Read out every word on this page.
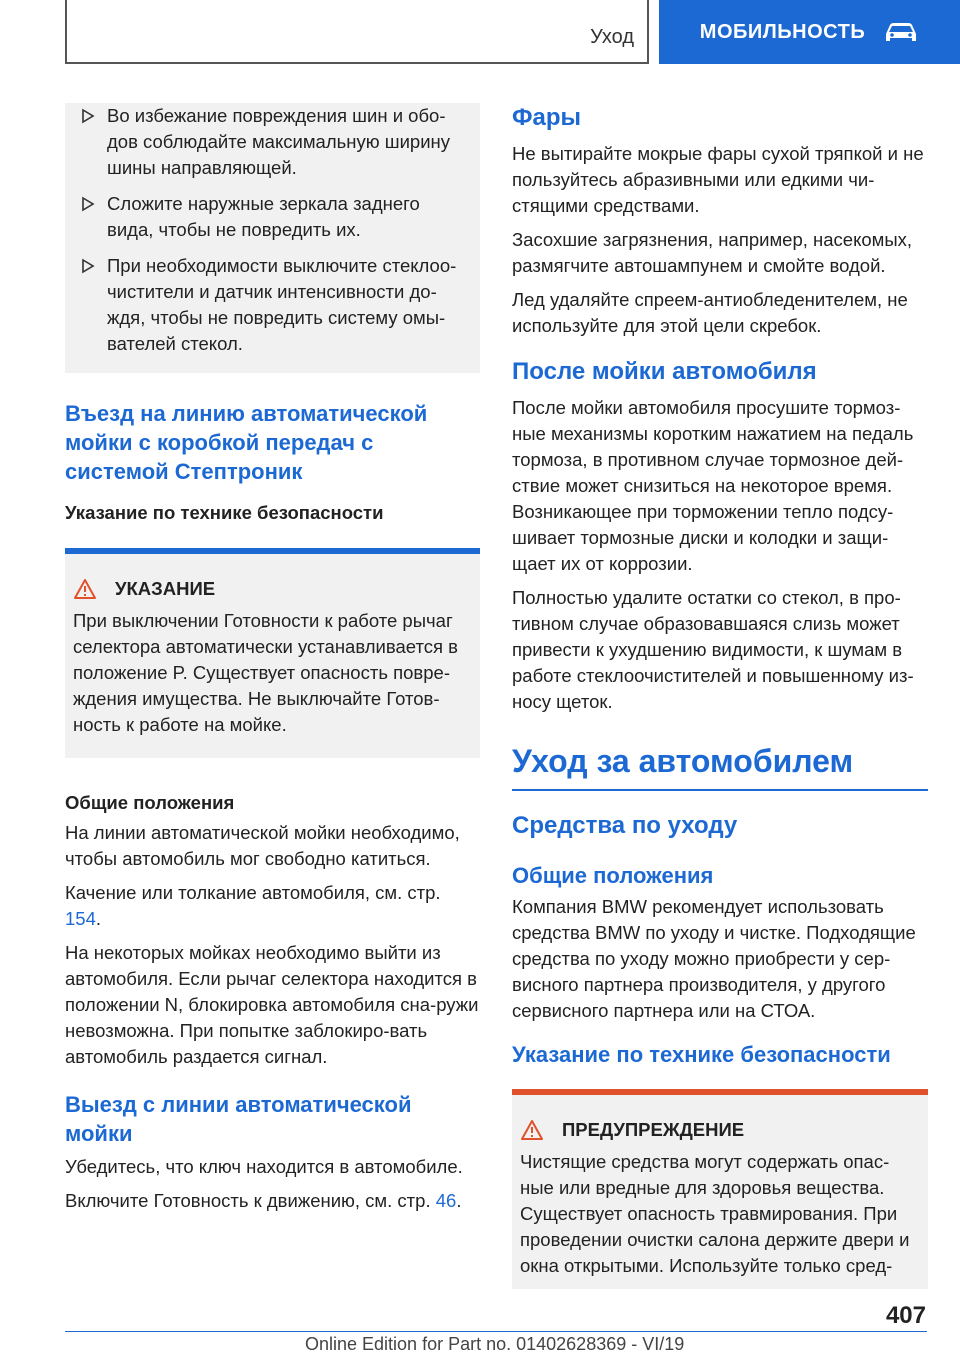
Уход	МОБИЛЬНОСТЬ
Во избежание повреждения шин и обо-дов соблюдайте максимальную ширину шины направляющей.
Сложите наружные зеркала заднего вида, чтобы не повредить их.
При необходимости выключите стеклоо-чистители и датчик интенсивности до-ждя, чтобы не повредить систему омы-вателей стекол.
Въезд на линию автоматической мойки с коробкой передач с системой Стептроник
Указание по технике безопасности
УКАЗАНИЕ
При выключении Готовности к работе рычаг селектора автоматически устанавливается в положение P. Существует опасность повре-ждения имущества. Не выключайте Готов-ность к работе на мойке.
Общие положения
На линии автоматической мойки необходимо, чтобы автомобиль мог свободно катиться.
Качение или толкание автомобиля, см. стр. 154.
На некоторых мойках необходимо выйти из автомобиля. Если рычаг селектора находится в положении N, блокировка автомобиля сна-ружи невозможна. При попытке заблокиро-вать автомобиль раздается сигнал.
Выезд с линии автоматической мойки
Убедитесь, что ключ находится в автомобиле.
Включите Готовность к движению, см. стр. 46.
Фары
Не вытирайте мокрые фары сухой тряпкой и не пользуйтесь абразивными или едкими чи-стящими средствами.
Засохшие загрязнения, например, насекомых, размягчите автошампунем и смойте водой.
Лед удаляйте спреем-антиобледенителем, не используйте для этой цели скребок.
После мойки автомобиля
После мойки автомобиля просушите тормоз-ные механизмы коротким нажатием на педаль тормоза, в противном случае тормозное дей-ствие может снизиться на некоторое время. Возникающее при торможении тепло подсу-шивает тормозные диски и колодки и защи-щает их от коррозии.
Полностью удалите остатки со стекол, в про-тивном случае образовавшаяся слизь может привести к ухудшению видимости, к шумам в работе стеклоочистителей и повышенному из-носу щеток.
Уход за автомобилем
Средства по уходу
Общие положения
Компания BMW рекомендует использовать средства BMW по уходу и чистке. Подходящие средства по уходу можно приобрести у сер-висного партнера производителя, у другого сервисного партнера или на СТОА.
Указание по технике безопасности
ПРЕДУПРЕЖДЕНИЕ
Чистящие средства могут содержать опас-ные или вредные для здоровья вещества. Существует опасность травмирования. При проведении очистки салона держите двери и окна открытыми. Используйте только сред-
407
Online Edition for Part no. 01402628369 - VI/19
